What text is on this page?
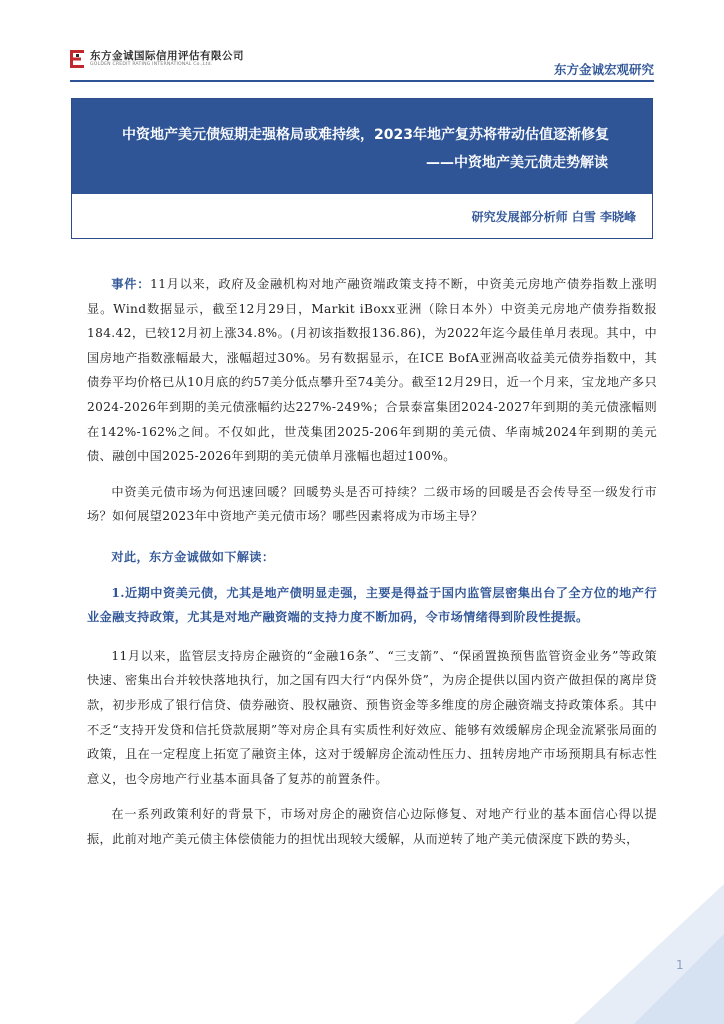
东方金诚国际信用评估有限公司
GOLDEN CREDIT RATING INTERNATIONAL Co.,Ltd.	东方金诚宏观研究
中资地产美元债短期走强格局或难持续，2023年地产复苏将带动估值逐渐修复
——中资地产美元债走势解读
研究发展部分析师 白雪 李晓峰

事件：11月以来，政府及金融机构对地产融资端政策支持不断，中资美元房地产债券指数上涨明显。Wind数据显示，截至12月29日，Markit iBoxx亚洲（除日本外）中资美元房地产债券指数报184.42，已较12月初上涨34.8%。(月初该指数报136.86)，为2022年迄今最佳单月表现。其中，中国房地产指数涨幅最大，涨幅超过30%。另有数据显示，在ICE BofA亚洲高收益美元债券指数中，其债券平均价格已从10月底的约57美分低点攀升至74美分。截至12月29日，近一个月来，宝龙地产多只2024-2026年到期的美元债涨幅约达227%-249%；合景泰富集团2024-2027年到期的美元债涨幅则在142%-162%之间。不仅如此，世茂集团2025-206年到期的美元债、华南城2024年到期的美元债、融创中国2025-2026年到期的美元债单月涨幅也超过100%。

中资美元债市场为何迅速回暖？回暖势头是否可持续？二级市场的回暖是否会传导至一级发行市场？如何展望2023年中资地产美元债市场？哪些因素将成为市场主导？

对此，东方金诚做如下解读：

1.近期中资美元债，尤其是地产债明显走强，主要是得益于国内监管层密集出台了全方位的地产行业金融支持政策，尤其是对地产融资端的支持力度不断加码，令市场情绪得到阶段性提振。

11月以来，监管层支持房企融资的“金融16条”、“三支箭”、“保函置换预售监管资金业务”等政策快速、密集出台并较快落地执行，加之国有四大行“内保外贷”，为房企提供以国内资产做担保的离岸贷款，初步形成了银行信贷、债券融资、股权融资、预售资金等多维度的房企融资端支持政策体系。其中不乏“支持开发贷和信托贷款展期”等对房企具有实质性利好效应、能够有效缓解房企现金流紧张局面的政策，且在一定程度上拓宽了融资主体，这对于缓解房企流动性压力、扭转房地产市场预期具有标志性意义，也令房地产行业基本面具备了复苏的前置条件。

在一系列政策利好的背景下，市场对房企的融资信心边际修复、对地产行业的基本面信心得以提振，此前对地产美元债主体偿债能力的担忧出现较大缓解，从而逆转了地产美元债深度下跌的势头，

1
